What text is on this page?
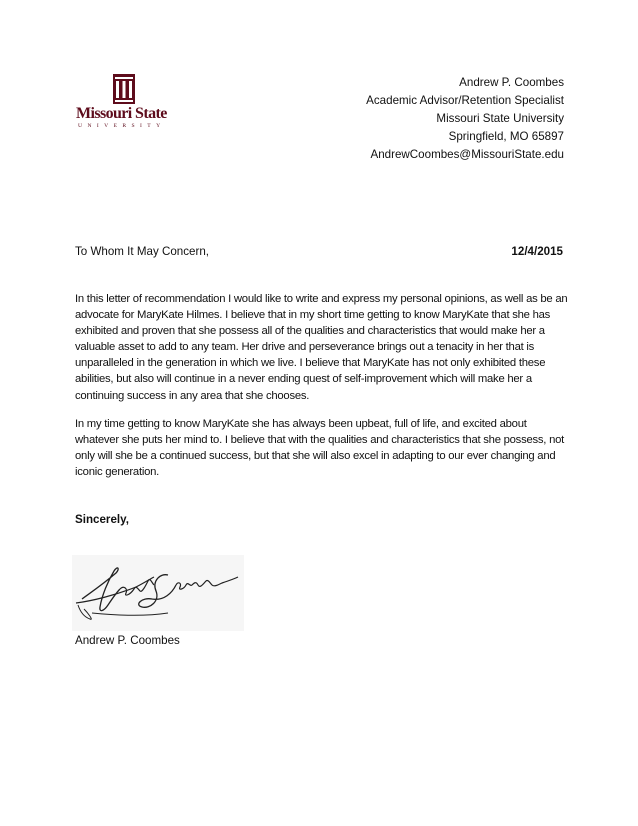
Missouri State
UNIVERSITY
Andrew P. Coombes
Academic Advisor/Retention Specialist
Missouri State University
Springfield, MO 65897
AndrewCoombes@MissouriState.edu
To Whom It May Concern,	12/4/2015

In this letter of recommendation I would like to write and express my personal opinions, as well as be an advocate for MaryKate Hilmes. I believe that in my short time getting to know MaryKate that she has exhibited and proven that she possess all of the qualities and characteristics that would make her a valuable asset to add to any team. Her drive and perseverance brings out a tenacity in her that is unparalleled in the generation in which we live. I believe that MaryKate has not only exhibited these abilities, but also will continue in a never ending quest of self-improvement which will make her a continuing success in any area that she chooses.

In my time getting to know MaryKate she has always been upbeat, full of life, and excited about whatever she puts her mind to. I believe that with the qualities and characteristics that she possess, not only will she be a continued success, but that she will also excel in adapting to our ever changing and iconic generation.

Sincerely,
Andrew P. Coombes
